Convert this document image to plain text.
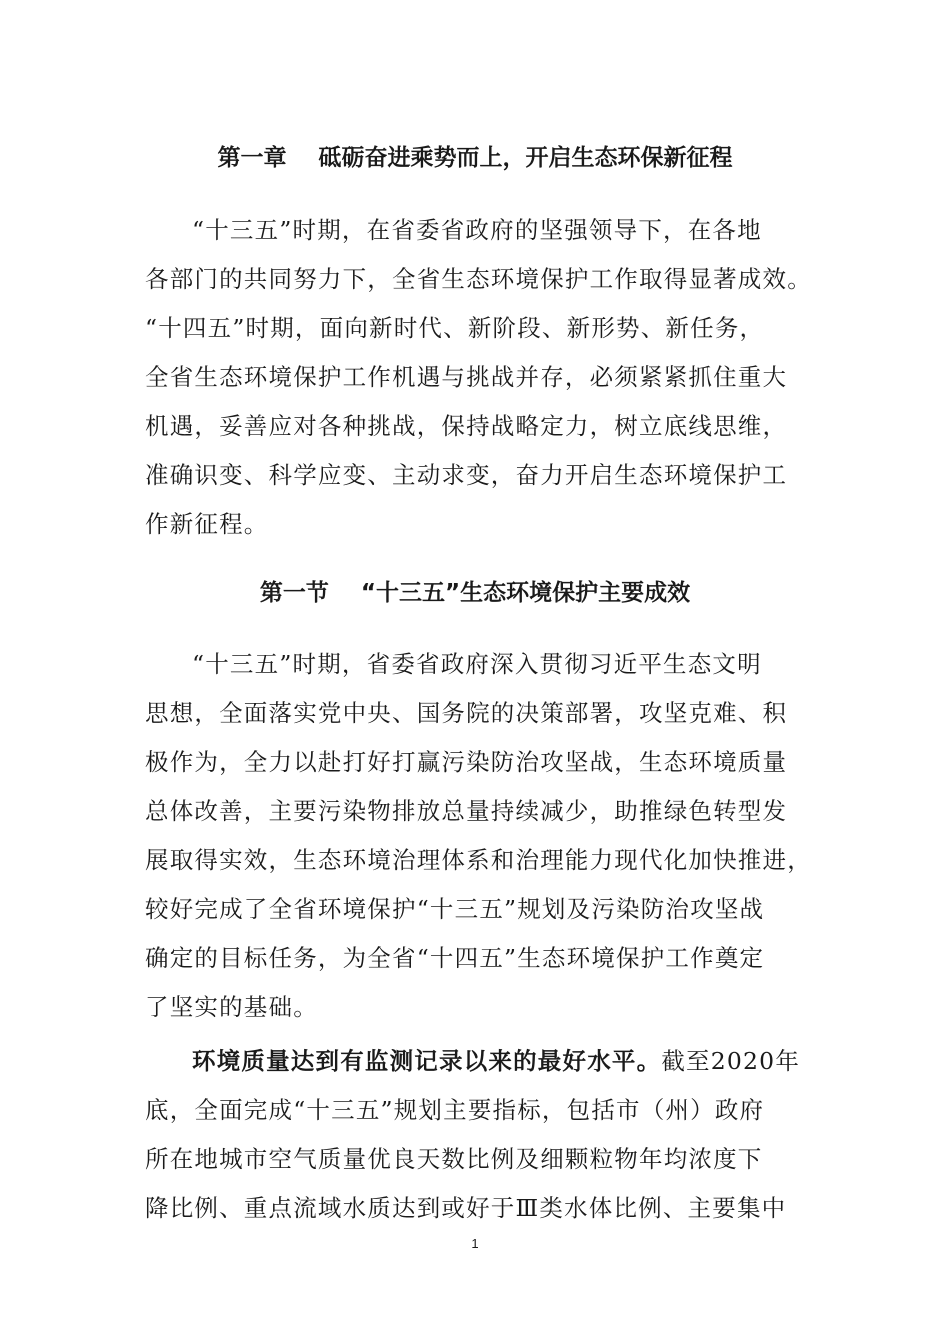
第一章    砥砺奋进乘势而上，开启生态环保新征程

“十三五”时期，在省委省政府的坚强领导下，在各地

各部门的共同努力下，全省生态环境保护工作取得显著成效。

“十四五”时期，面向新时代、新阶段、新形势、新任务，

全省生态环境保护工作机遇与挑战并存，必须紧紧抓住重大

机遇，妥善应对各种挑战，保持战略定力，树立底线思维，

准确识变、科学应变、主动求变，奋力开启生态环境保护工

作新征程。

第一节    “十三五”生态环境保护主要成效

“十三五”时期，省委省政府深入贯彻习近平生态文明

思想，全面落实党中央、国务院的决策部署，攻坚克难、积

极作为，全力以赴打好打赢污染防治攻坚战，生态环境质量

总体改善，主要污染物排放总量持续减少，助推绿色转型发

展取得实效，生态环境治理体系和治理能力现代化加快推进，

较好完成了全省环境保护“十三五”规划及污染防治攻坚战

确定的目标任务，为全省“十四五”生态环境保护工作奠定

了坚实的基础。

环境质量达到有监测记录以来的最好水平。截至2020年

底，全面完成“十三五”规划主要指标，包括市（州）政府

所在地城市空气质量优良天数比例及细颗粒物年均浓度下

降比例、重点流域水质达到或好于Ⅲ类水体比例、主要集中

1
